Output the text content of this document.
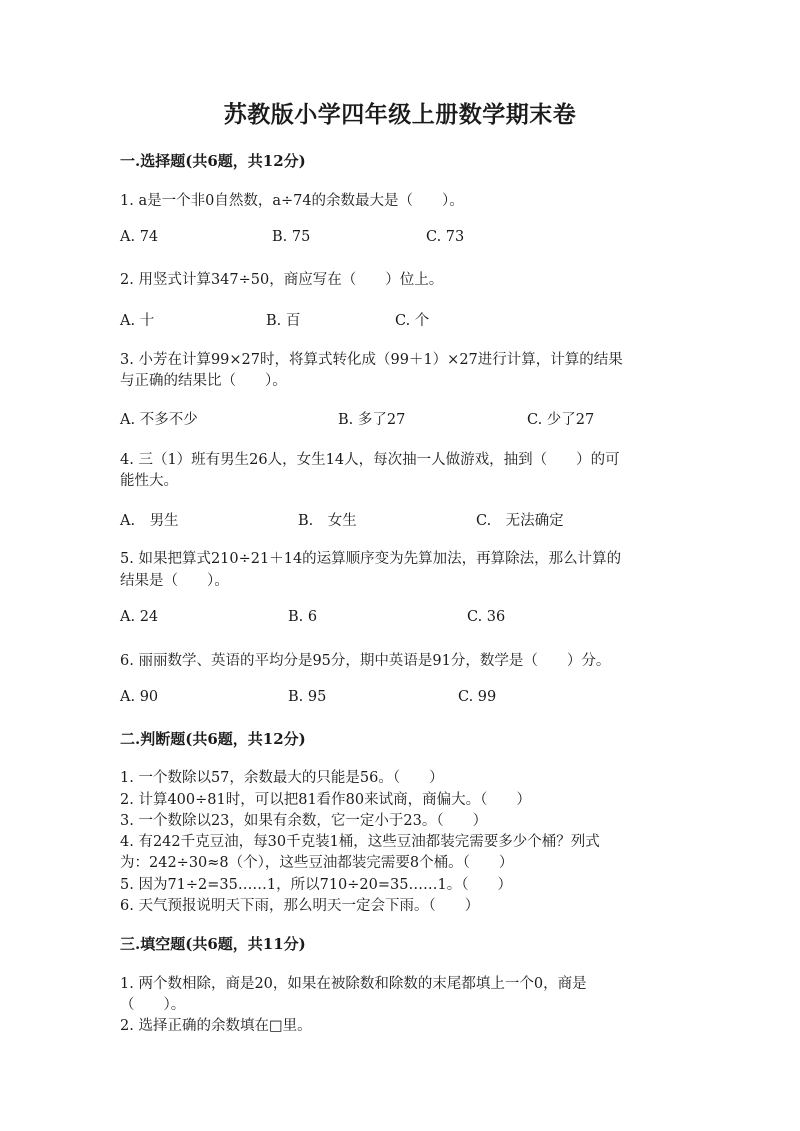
苏教版小学四年级上册数学期末卷
一.选择题(共6题，共12分)
1. a是一个非0自然数，a÷74的余数最大是（　　）。
A. 74	B. 75	C. 73
2. 用竖式计算347÷50，商应写在（　　）位上。
A. 十	B. 百	C. 个
3. 小芳在计算99×27时，将算式转化成（99＋1）×27进行计算，计算的结果
与正确的结果比（　　）。
A. 不多不少	B. 多了27	C. 少了27
4. 三（1）班有男生26人，女生14人，每次抽一人做游戏，抽到（　　）的可
能性大。
A.　男生	B.　女生	C.　无法确定
5. 如果把算式210÷21＋14的运算顺序变为先算加法，再算除法，那么计算的
结果是（　　）。
A. 24	B. 6	C. 36
6. 丽丽数学、英语的平均分是95分，期中英语是91分，数学是（　　）分。
A. 90	B. 95	C. 99
二.判断题(共6题，共12分)
1. 一个数除以57，余数最大的只能是56。（　　）
2. 计算400÷81时，可以把81看作80来试商，商偏大。（　　）
3. 一个数除以23，如果有余数，它一定小于23。（　　）
4. 有242千克豆油，每30千克装1桶，这些豆油都装完需要多少个桶？列式
为：242÷30≈8（个），这些豆油都装完需要8个桶。（　　）
5. 因为71÷2=35……1，所以710÷20=35……1。（　　）
6. 天气预报说明天下雨，那么明天一定会下雨。（　　）
三.填空题(共6题，共11分)
1. 两个数相除，商是20，如果在被除数和除数的末尾都填上一个0，商是
（　　）。
2. 选择正确的余数填在□里。
